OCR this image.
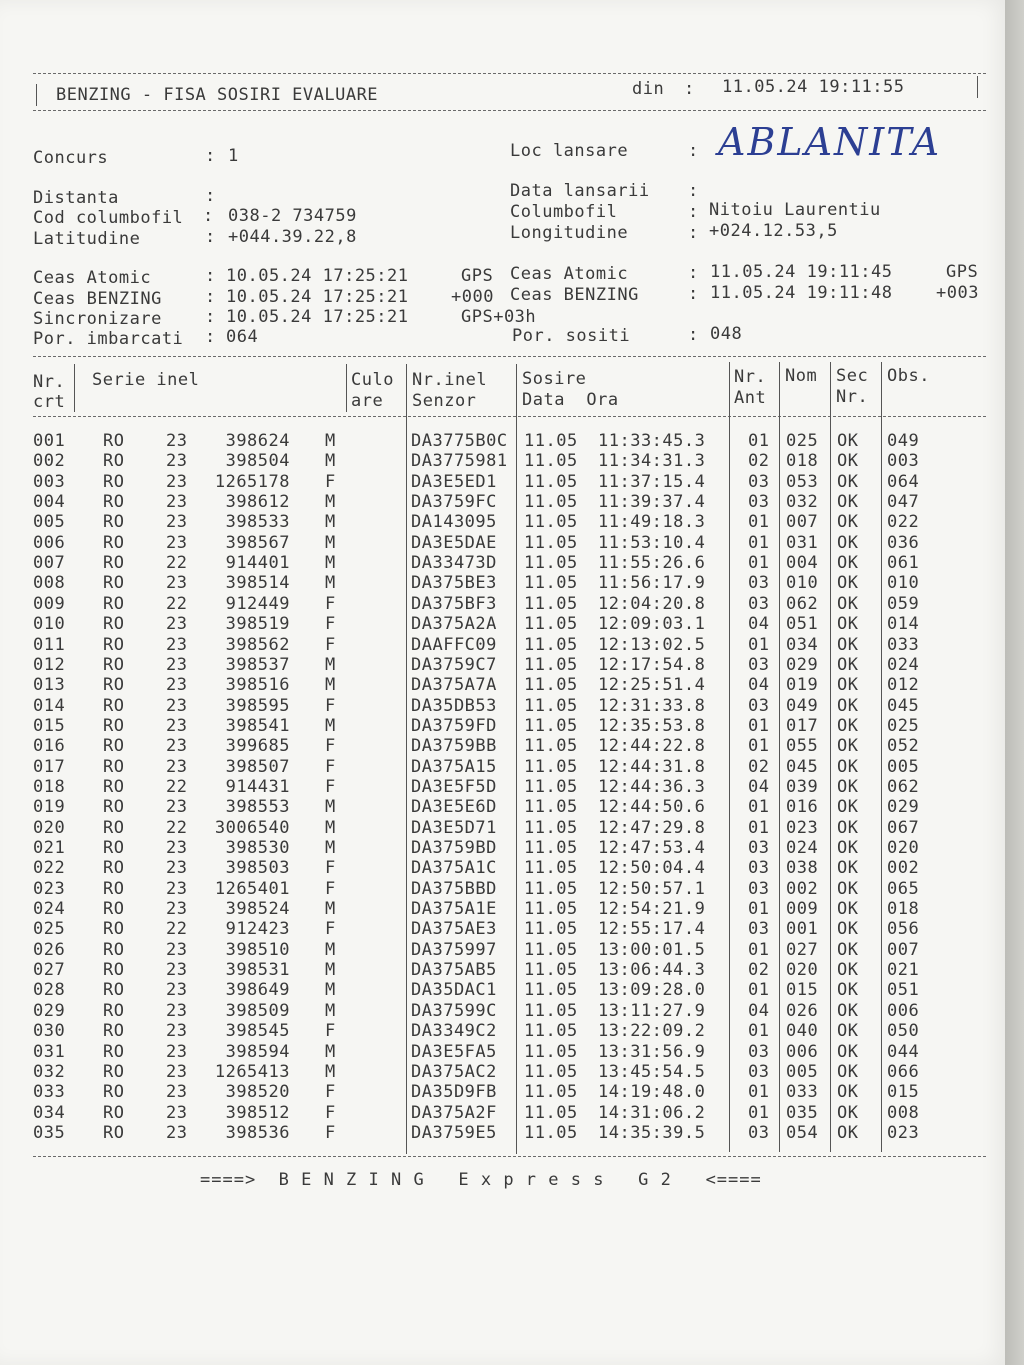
BENZING - FISA SOSIRI EVALUARE	din : 11.05.24 19:11:55
Concurs	: 1
Distanta	:
Cod columbofil : 038-2 734759
Latitudine	: +044.39.22,8
Loc lansare	: ABLANITA
Data lansarii :
Columbofil	: Nitoiu Laurentiu
Longitudine	: +024.12.53,5
Ceas Atomic	: 10.05.24 17:25:21	GPS Ceas Atomic	: 11.05.24 19:11:45	GPS
Ceas BENZING	: 10.05.24 17:25:21	+000 Ceas BENZING	: 11.05.24 19:11:48	+003
Sincronizare	: 10.05.24 17:25:21	GPS+03h
Por. imbarcati : 064	Por. sositi	: 048
Nr.
crt
Serie inel	Culo
are
Nr.inel
Senzor
Sosire
Data  Ora
Nr.
Ant
Nom Sec
Nr.
Obs.
001 RO 23 398624 M	DA3775B0C 11.05 11:33:45.3	01 025 OK 049
002 RO 23 398504 M	DA3775981 11.05 11:34:31.3	02 018 OK 003
003 RO 23 1265178 F	DA3E5ED1 11.05 11:37:15.4	03 053 OK 064
004 RO 23 398612 M	DA3759FC 11.05 11:39:37.4	03 032 OK 047
005 RO 23 398533 M	DA143095 11.05 11:49:18.3	01 007 OK 022
006 RO 23 398567 M	DA3E5DAE 11.05 11:53:10.4	01 031 OK 036
007 RO 22 914401 M	DA33473D 11.05 11:55:26.6	01 004 OK 061
008 RO 23 398514 M	DA375BE3 11.05 11:56:17.9	03 010 OK 010
009 RO 22 912449 F	DA375BF3 11.05 12:04:20.8	03 062 OK 059
010 RO 23 398519 F	DA375A2A 11.05 12:09:03.1	04 051 OK 014
011 RO 23 398562 F	DAAFFC09 11.05 12:13:02.5	01 034 OK 033
012 RO 23 398537 M	DA3759C7 11.05 12:17:54.8	03 029 OK 024
013 RO 23 398516 M	DA375A7A 11.05 12:25:51.4	04 019 OK 012
014 RO 23 398595 F	DA35DB53 11.05 12:31:33.8	03 049 OK 045
015 RO 23 398541 M	DA3759FD 11.05 12:35:53.8	01 017 OK 025
016 RO 23 399685 F	DA3759BB 11.05 12:44:22.8	01 055 OK 052
017 RO 23 398507 F	DA375A15 11.05 12:44:31.8	02 045 OK 005
018 RO 22 914431 F	DA3E5F5D 11.05 12:44:36.3	04 039 OK 062
019 RO 23 398553 M	DA3E5E6D 11.05 12:44:50.6	01 016 OK 029
020 RO 22 3006540 M	DA3E5D71 11.05 12:47:29.8	01 023 OK 067
021 RO 23 398530 M	DA3759BD 11.05 12:47:53.4	03 024 OK 020
022 RO 23 398503 F	DA375A1C 11.05 12:50:04.4	03 038 OK 002
023 RO 23 1265401 F	DA375BBD 11.05 12:50:57.1	03 002 OK 065
024 RO 23 398524 M	DA375A1E 11.05 12:54:21.9	01 009 OK 018
025 RO 22 912423 F	DA375AE3 11.05 12:55:17.4	03 001 OK 056
026 RO 23 398510 M	DA375997 11.05 13:00:01.5	01 027 OK 007
027 RO 23 398531 M	DA375AB5 11.05 13:06:44.3	02 020 OK 021
028 RO 23 398649 M	DA35DAC1 11.05 13:09:28.0	01 015 OK 051
029 RO 23 398509 M	DA37599C 11.05 13:11:27.9	04 026 OK 006
030 RO 23 398545 F	DA3349C2 11.05 13:22:09.2	01 040 OK 050
031 RO 23 398594 M	DA3E5FA5 11.05 13:31:56.9	03 006 OK 044
032 RO 23 1265413 M	DA375AC2 11.05 13:45:54.5	03 005 OK 066
033 RO 23 398520 F	DA35D9FB 11.05 14:19:48.0	01 033 OK 015
034 RO 23 398512 F	DA375A2F 11.05 14:31:06.2	01 035 OK 008
035 RO 23 398536 F	DA3759E5 11.05 14:35:39.5	03 054 OK 023
====>  B E N Z I N G   E x p r e s s   G 2   <====
